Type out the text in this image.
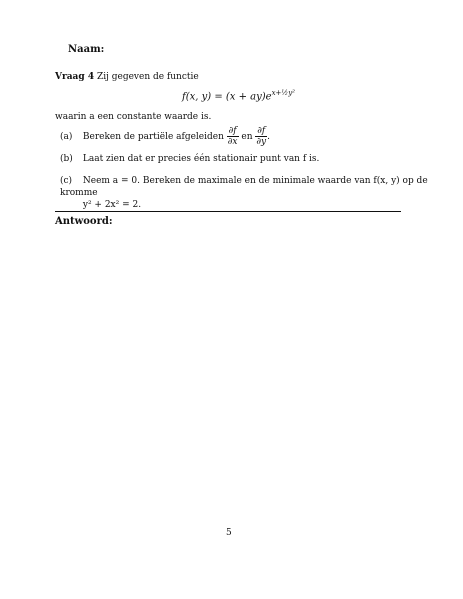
Naam:
Vraag 4 Zij gegeven de functie
f(x, $y) = (x + ay)e^{x+\frac{1}{2}y^2}$
waarin a een constante waarde is.
(a) Bereken de partiële afgeleiden $\frac{\partial f}{\partial x}$ en $\frac{\partial f}{\partial y}$ .
(b) Laat zien dat er precies één stationair punt van f is.
(c) Neem a = 0. Bereken de maximale en de minimale waarde van f(x, y) op de kromme
y² + 2x² = 2.
Antwoord:
5
